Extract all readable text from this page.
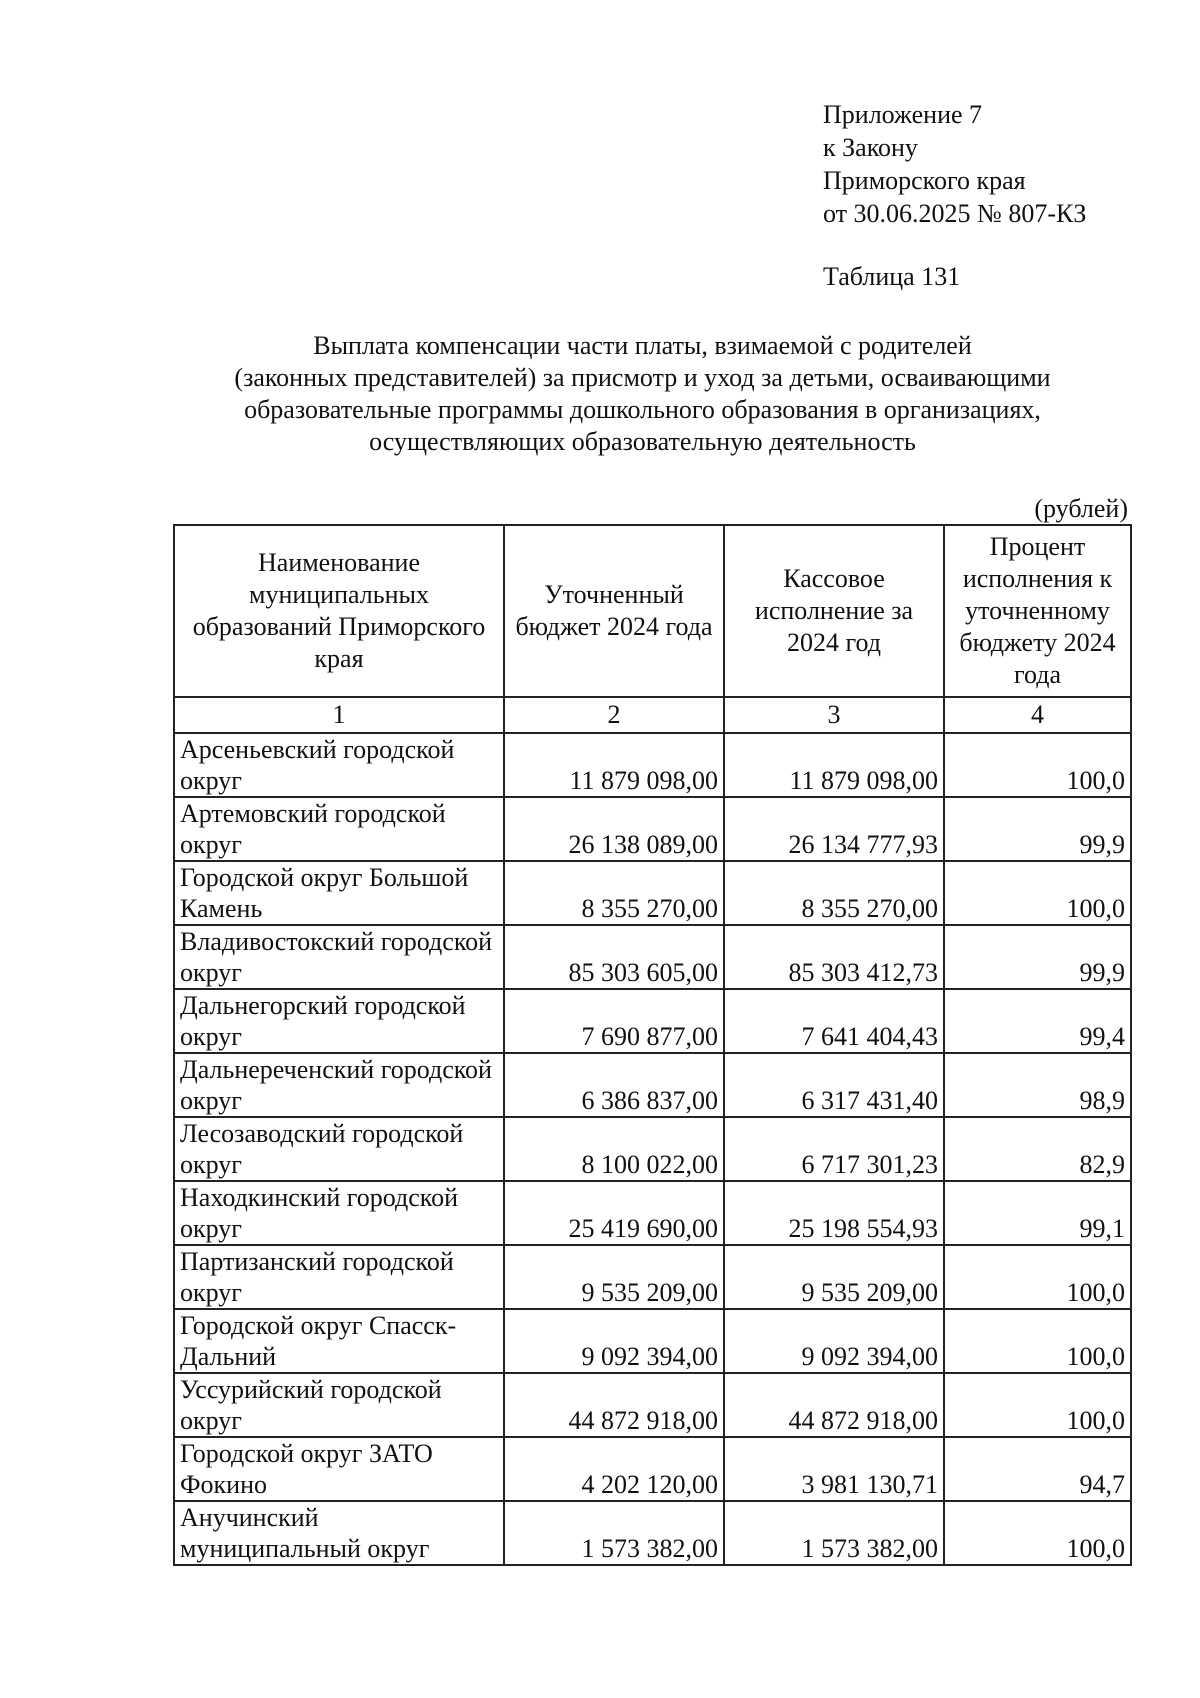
Приложение 7
к Закону
Приморского края
от 30.06.2025 № 807-КЗ
Таблица 131
Выплата компенсации части платы, взимаемой с родителей
(законных представителей) за присмотр и уход за детьми, осваивающими
образовательные программы дошкольного образования в организациях,
осуществляющих образовательную деятельность
(рублей)
Наименование муниципальных образований Приморского края	Уточненный бюджет 2024 года	Кассовое исполнение за 2024 год	Процент исполнения к уточненному бюджету 2024 года
1	2	3	4
Арсеньевский городской округ	11 879 098,00	11 879 098,00	100,0
Артемовский городской округ	26 138 089,00	26 134 777,93	99,9
Городской округ Большой Камень	8 355 270,00	8 355 270,00	100,0
Владивостокский городской округ	85 303 605,00	85 303 412,73	99,9
Дальнегорский городской округ	7 690 877,00	7 641 404,43	99,4
Дальнереченский городской округ	6 386 837,00	6 317 431,40	98,9
Лесозаводский городской округ	8 100 022,00	6 717 301,23	82,9
Находкинский городской округ	25 419 690,00	25 198 554,93	99,1
Партизанский городской округ	9 535 209,00	9 535 209,00	100,0
Городской округ Спасск-Дальний	9 092 394,00	9 092 394,00	100,0
Уссурийский городской округ	44 872 918,00	44 872 918,00	100,0
Городской округ ЗАТО Фокино	4 202 120,00	3 981 130,71	94,7
Анучинский муниципальный округ	1 573 382,00	1 573 382,00	100,0
